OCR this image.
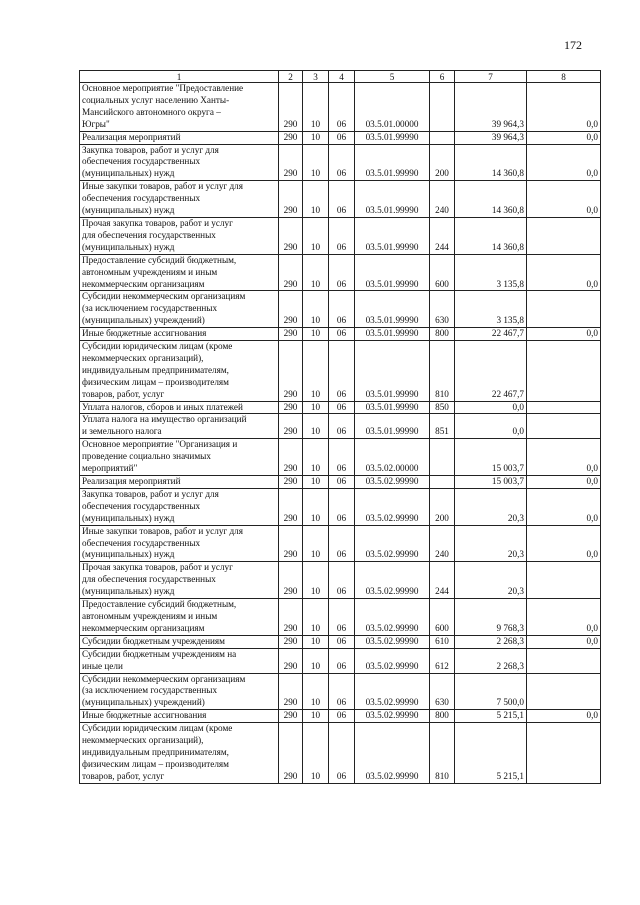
172
1	2	3	4	5	6	7	8
Основное мероприятие "Предоставление
социальных услуг населению Ханты-
Мансийского автономного округа –
Югры"	290	10	06	03.5.01.00000		39 964,3	0,0
Реализация мероприятий	290	10	06	03.5.01.99990		39 964,3	0,0
Закупка товаров, работ и услуг для
обеспечения государственных
(муниципальных) нужд	290	10	06	03.5.01.99990	200	14 360,8	0,0
Иные закупки товаров, работ и услуг для
обеспечения государственных
(муниципальных) нужд	290	10	06	03.5.01.99990	240	14 360,8	0,0
Прочая закупка товаров, работ и услуг
для обеспечения государственных
(муниципальных) нужд	290	10	06	03.5.01.99990	244	14 360,8	
Предоставление субсидий бюджетным,
автономным учреждениям и иным
некоммерческим организациям	290	10	06	03.5.01.99990	600	3 135,8	0,0
Субсидии некоммерческим организациям
(за исключением государственных
(муниципальных) учреждений)	290	10	06	03.5.01.99990	630	3 135,8	
Иные бюджетные ассигнования	290	10	06	03.5.01.99990	800	22 467,7	0,0
Субсидии юридическим лицам (кроме
некоммерческих организаций),
индивидуальным предпринимателям,
физическим лицам – производителям
товаров, работ, услуг	290	10	06	03.5.01.99990	810	22 467,7	
Уплата налогов, сборов и иных платежей	290	10	06	03.5.01.99990	850	0,0	
Уплата налога на имущество организаций
и земельного налога	290	10	06	03.5.01.99990	851	0,0	
Основное мероприятие "Организация и
проведение социально значимых
мероприятий"	290	10	06	03.5.02.00000		15 003,7	0,0
Реализация мероприятий	290	10	06	03.5.02.99990		15 003,7	0,0
Закупка товаров, работ и услуг для
обеспечения государственных
(муниципальных) нужд	290	10	06	03.5.02.99990	200	20,3	0,0
Иные закупки товаров, работ и услуг для
обеспечения государственных
(муниципальных) нужд	290	10	06	03.5.02.99990	240	20,3	0,0
Прочая закупка товаров, работ и услуг
для обеспечения государственных
(муниципальных) нужд	290	10	06	03.5.02.99990	244	20,3	
Предоставление субсидий бюджетным,
автономным учреждениям и иным
некоммерческим организациям	290	10	06	03.5.02.99990	600	9 768,3	0,0
Субсидии бюджетным учреждениям	290	10	06	03.5.02.99990	610	2 268,3	0,0
Субсидии бюджетным учреждениям на
иные цели	290	10	06	03.5.02.99990	612	2 268,3	
Субсидии некоммерческим организациям
(за исключением государственных
(муниципальных) учреждений)	290	10	06	03.5.02.99990	630	7 500,0	
Иные бюджетные ассигнования	290	10	06	03.5.02.99990	800	5 215,1	0,0
Субсидии юридическим лицам (кроме
некоммерческих организаций),
индивидуальным предпринимателям,
физическим лицам – производителям
товаров, работ, услуг	290	10	06	03.5.02.99990	810	5 215,1	
